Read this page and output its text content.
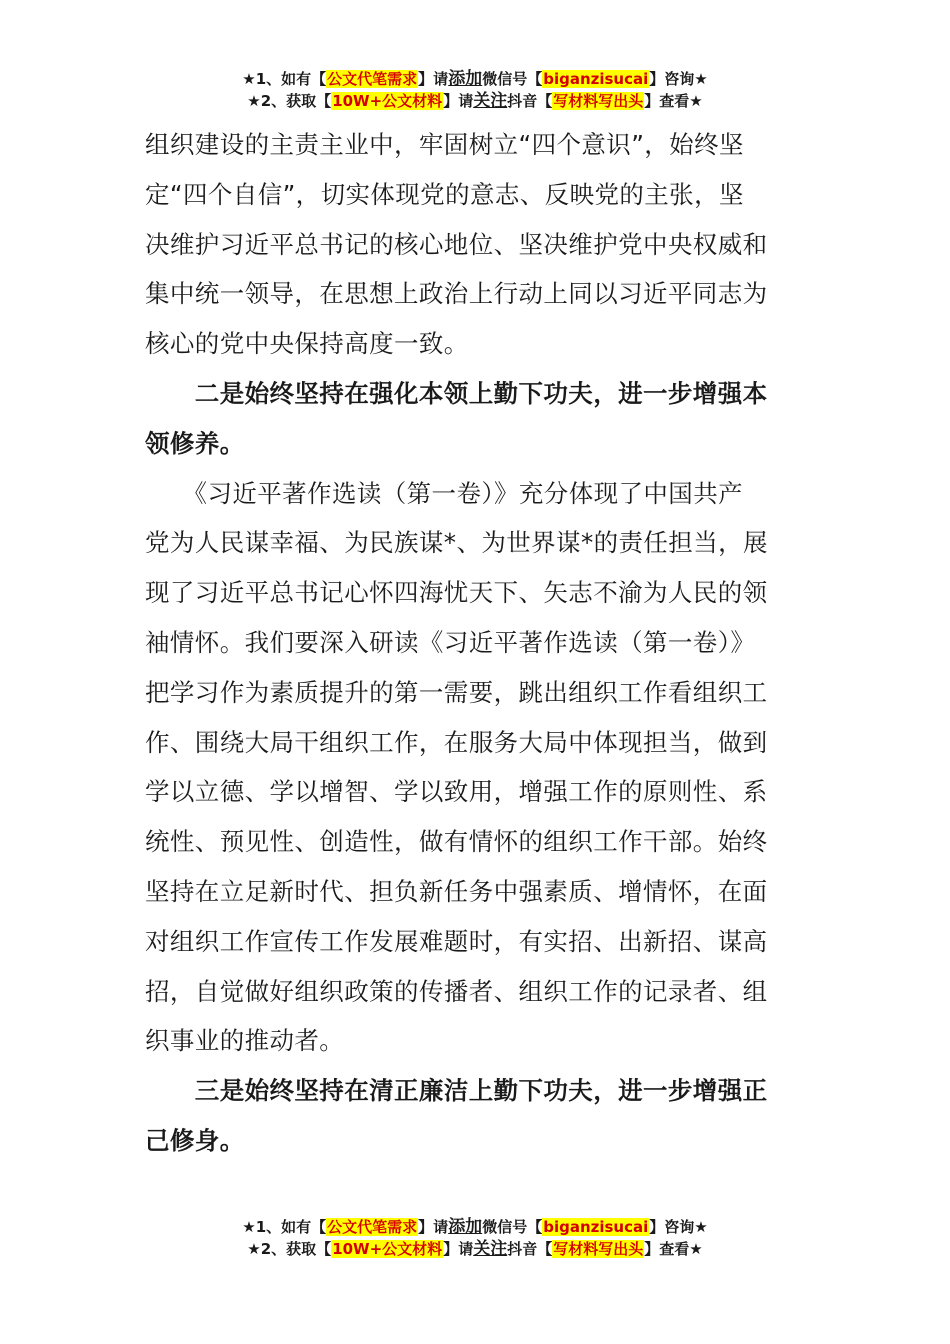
★1、如有【公文代笔需求】请添加微信号【biganzisucai】咨询★
★2、获取【10W+公文材料】请关注抖音【写材料写出头】查看★
组织建设的主责主业中，牢固树立“四个意识”，始终坚
定“四个自信”，切实体现党的意志、反映党的主张，坚
决维护习近平总书记的核心地位、坚决维护党中央权威和
集中统一领导，在思想上政治上行动上同以习近平同志为
核心的党中央保持高度一致。
　　二是始终坚持在强化本领上勤下功夫，进一步增强本
领修养。
　　《习近平著作选读（第一卷）》充分体现了中国共产
党为人民谋幸福、为民族谋*、为世界谋*的责任担当，展
现了习近平总书记心怀四海忧天下、矢志不渝为人民的领
袖情怀。我们要深入研读《习近平著作选读（第一卷）》
把学习作为素质提升的第一需要，跳出组织工作看组织工
作、围绕大局干组织工作，在服务大局中体现担当，做到
学以立德、学以增智、学以致用，增强工作的原则性、系
统性、预见性、创造性，做有情怀的组织工作干部。始终
坚持在立足新时代、担负新任务中强素质、增情怀，在面
对组织工作宣传工作发展难题时，有实招、出新招、谋高
招，自觉做好组织政策的传播者、组织工作的记录者、组
织事业的推动者。
　　三是始终坚持在清正廉洁上勤下功夫，进一步增强正
己修身。
★1、如有【公文代笔需求】请添加微信号【biganzisucai】咨询★
★2、获取【10W+公文材料】请关注抖音【写材料写出头】查看★
